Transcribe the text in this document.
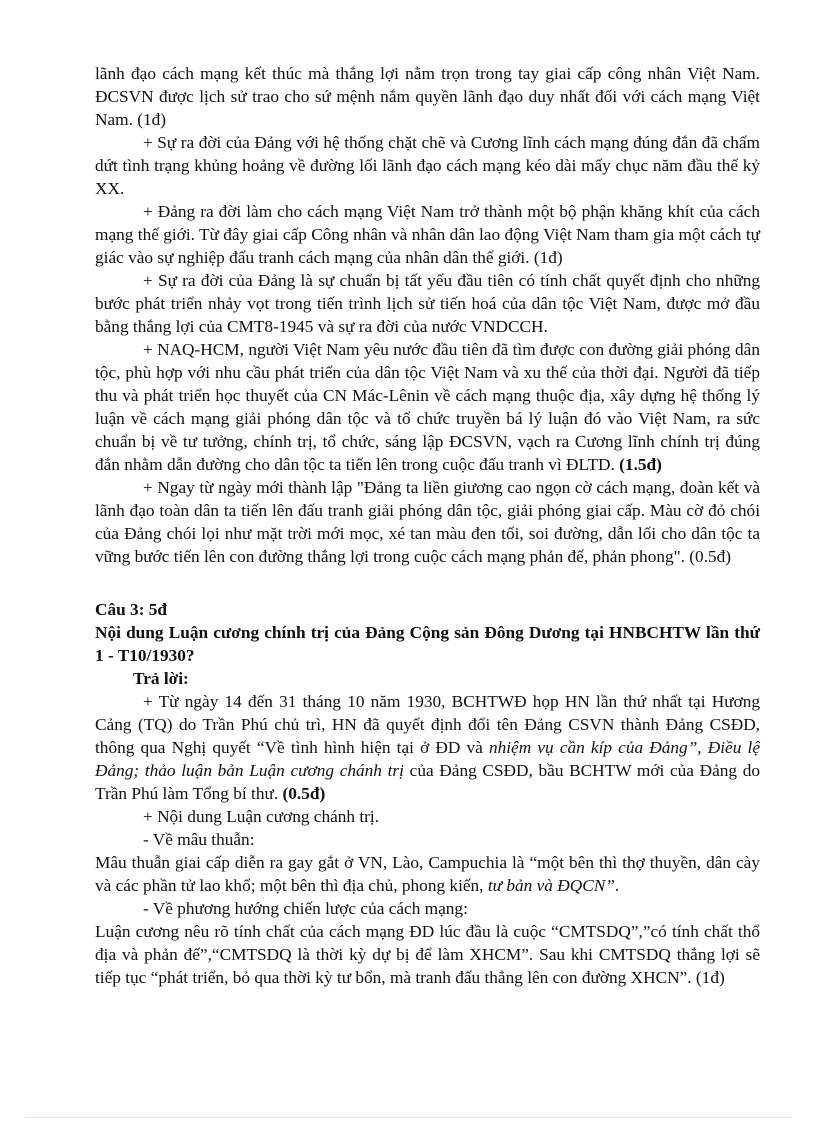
lãnh đạo cách mạng kết thúc mà thắng lợi nằm trọn trong tay giai cấp công nhân Việt Nam. ĐCSVN được lịch sử trao cho sứ mệnh nắm quyền lãnh đạo duy nhất đối với cách mạng Việt Nam. (1đ)

+ Sự ra đời của Đảng với hệ thống chặt chẽ và Cương lĩnh cách mạng đúng đắn đã chấm dứt tình trạng khủng hoảng về đường lối lãnh đạo cách mạng kéo dài mấy chục năm đầu thế kỷ XX.

+ Đảng ra đời làm cho cách mạng Việt Nam trở thành một bộ phận khăng khít của cách mạng thế giới. Từ đây giai cấp Công nhân và nhân dân lao động Việt Nam tham gia một cách tự giác vào sự nghiệp đấu tranh cách mạng của nhân dân thế giới. (1đ)

+ Sự ra đời của Đảng là sự chuẩn bị tất yếu đầu tiên có tính chất quyết định cho những bước phát triển nhảy vọt trong tiến trình lịch sử tiến hoá của dân tộc Việt Nam, được mở đầu bằng thắng lợi của CMT8-1945 và sự ra đời của nước VNDCCH.

+ NAQ-HCM, người Việt Nam yêu nước đầu tiên đã tìm được con đường giải phóng dân tộc, phù hợp với nhu cầu phát triển của dân tộc Việt Nam và xu thế của thời đại. Người đã tiếp thu và phát triển học thuyết của CN Mác-Lênin về cách mạng thuộc địa, xây dựng hệ thống lý luận về cách mạng giải phóng dân tộc và tổ chức truyền bá lý luận đó vào Việt Nam, ra sức chuẩn bị về tư tưởng, chính trị, tổ chức, sáng lập ĐCSVN, vạch ra Cương lĩnh chính trị đúng đắn nhằm dẫn đường cho dân tộc ta tiến lên trong cuộc đấu tranh vì ĐLTD. (1.5đ)

+ Ngay từ ngày mới thành lập "Đảng ta liền giương cao ngọn cờ cách mạng, đoàn kết và lãnh đạo toàn dân ta tiến lên đấu tranh giải phóng dân tộc, giải phóng giai cấp. Màu cờ đỏ chói của Đảng chói lọi như mặt trời mới mọc, xé tan màu đen tối, soi đường, dẫn lối cho dân tộc ta vững bước tiến lên con đường thắng lợi trong cuộc cách mạng phản đế, phản phong". (0.5đ)

Câu 3: 5đ

Nội dung Luận cương chính trị của Đảng Cộng sản Đông Dương tại HNBCHTW lần thứ 1 - T10/1930?

Trả lời:

+ Từ ngày 14 đến 31 tháng 10 năm 1930, BCHTWĐ họp HN lần thứ nhất tại Hương Cảng (TQ) do Trần Phú chủ trì, HN đã quyết định đổi tên Đảng CSVN thành Đảng CSĐD, thông qua Nghị quyết “Về tình hình hiện tại ở ĐD và nhiệm vụ cần kíp của Đảng”, Điều lệ Đảng; thảo luận bản Luận cương chánh trị của Đảng CSĐD, bầu BCHTW mới của Đảng do Trần Phú làm Tổng bí thư. (0.5đ)

+ Nội dung Luận cương chánh trị.

- Về mâu thuẫn:

Mâu thuẫn giai cấp diễn ra gay gắt ở VN, Lào, Campuchia là “một bên thì thợ thuyền, dân cày và các phần tử lao khổ; một bên thì địa chủ, phong kiến, tư bản và ĐQCN”.

- Về phương hướng chiến lược của cách mạng:

Luận cương nêu rõ tính chất của cách mạng ĐD lúc đầu là cuộc “CMTSDQ”,”có tính chất thổ địa và phản đế”,“CMTSDQ là thời kỳ dự bị để làm XHCM”. Sau khi CMTSDQ thắng lợi sẽ tiếp tục “phát triển, bỏ qua thời kỳ tư bổn, mà tranh đấu thẳng lên con đường XHCN”. (1đ)
